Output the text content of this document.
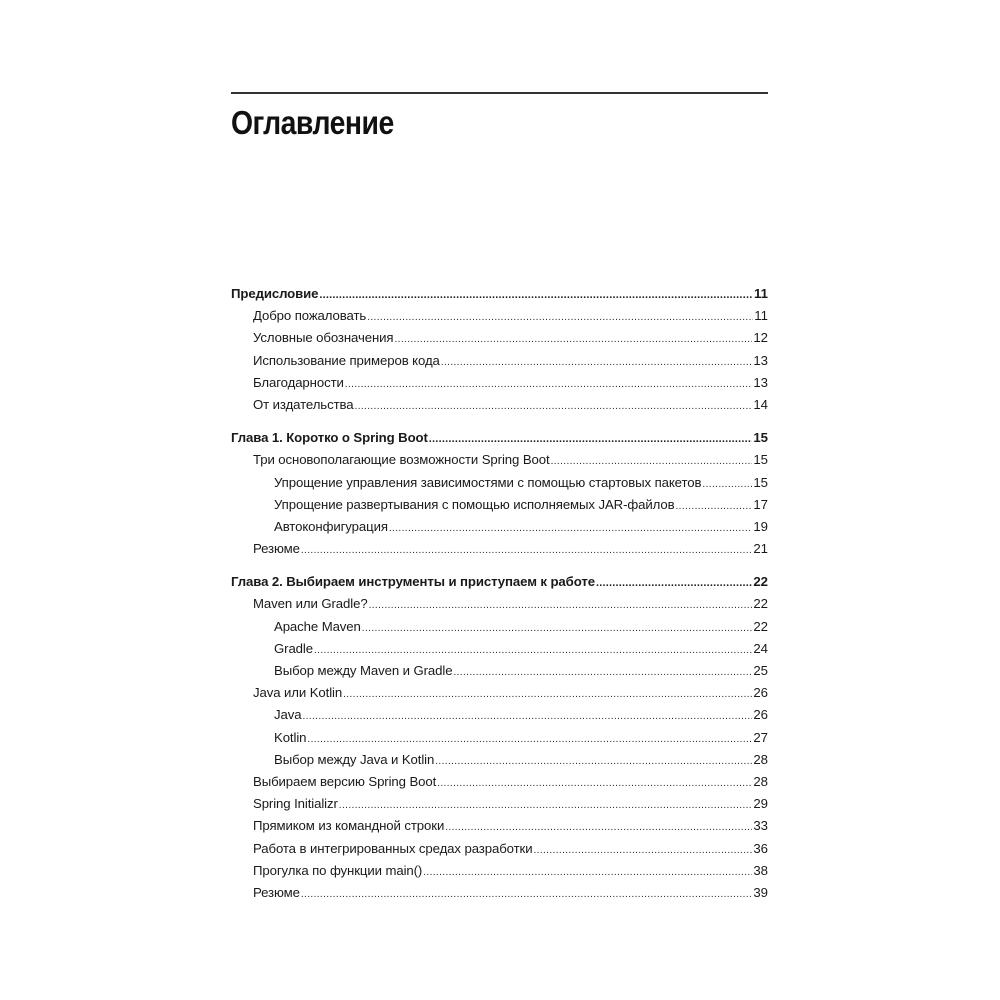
Оглавление
Предисловие .....	11
Добро пожаловать .....	11
Условные обозначения .....	12
Использование примеров кода .....	13
Благодарности .....	13
От издательства .....	14
Глава 1. Коротко о Spring Boot .....	15
Три основополагающие возможности Spring Boot .....	15
Упрощение управления зависимостями с помощью стартовых пакетов .....	15
Упрощение развертывания с помощью исполняемых JAR-файлов .....	17
Автоконфигурация .....	19
Резюме .....	21
Глава 2. Выбираем инструменты и приступаем к работе .....	22
Maven или Gradle? .....	22
Apache Maven .....	22
Gradle .....	24
Выбор между Maven и Gradle .....	25
Java или Kotlin .....	26
Java .....	26
Kotlin .....	27
Выбор между Java и Kotlin .....	28
Выбираем версию Spring Boot .....	28
Spring Initializr .....	29
Прямиком из командной строки .....	33
Работа в интегрированных средах разработки .....	36
Прогулка по функции main() .....	38
Резюме .....	39
